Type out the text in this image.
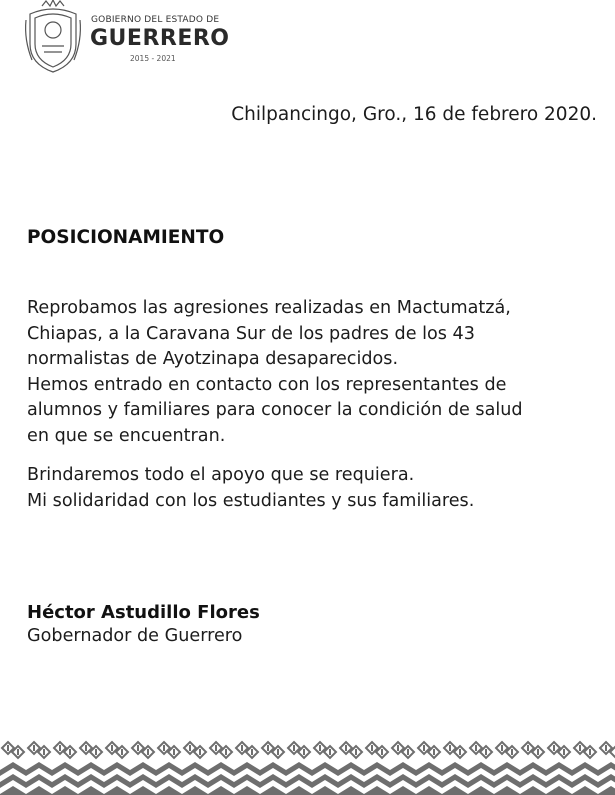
GOBIERNO DEL ESTADO DE
GUERRERO
2015 - 2021
Chilpancingo, Gro., 16 de febrero 2020.
POSICIONAMIENTO
Reprobamos las agresiones realizadas en Mactumatzá,
Chiapas, a la Caravana Sur de los padres de los 43
normalistas de Ayotzinapa desaparecidos.
Hemos entrado en contacto con los representantes de
alumnos y familiares para conocer la condición de salud
en que se encuentran.
Brindaremos todo el apoyo que se requiera.
Mi solidaridad con los estudiantes y sus familiares.
Héctor Astudillo Flores
Gobernador de Guerrero
